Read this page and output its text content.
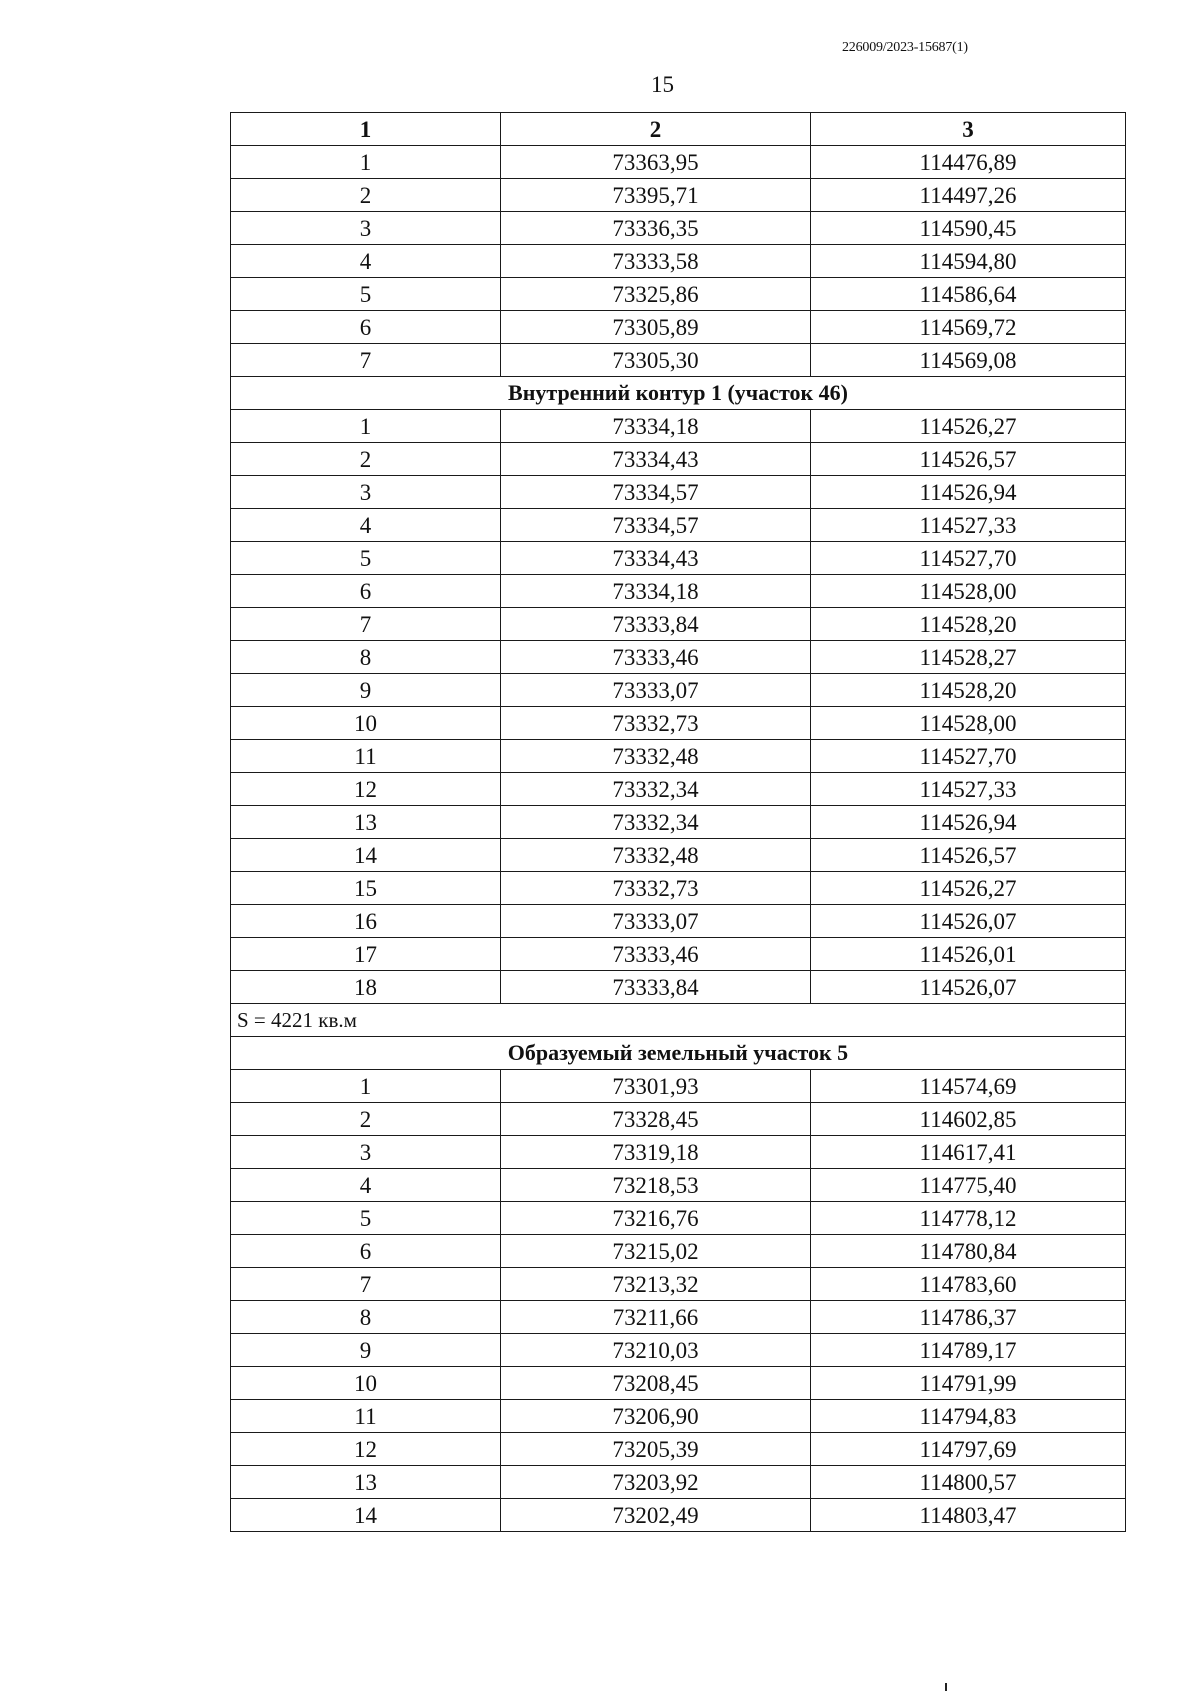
226009/2023-15687(1)
15
1	2	3
1	73363,95	114476,89
2	73395,71	114497,26
3	73336,35	114590,45
4	73333,58	114594,80
5	73325,86	114586,64
6	73305,89	114569,72
7	73305,30	114569,08
Внутренний контур 1 (участок 46)		
1	73334,18	114526,27
2	73334,43	114526,57
3	73334,57	114526,94
4	73334,57	114527,33
5	73334,43	114527,70
6	73334,18	114528,00
7	73333,84	114528,20
8	73333,46	114528,27
9	73333,07	114528,20
10	73332,73	114528,00
11	73332,48	114527,70
12	73332,34	114527,33
13	73332,34	114526,94
14	73332,48	114526,57
15	73332,73	114526,27
16	73333,07	114526,07
17	73333,46	114526,01
18	73333,84	114526,07
S = 4221 кв.м		
Образуемый земельный участок 5		
1	73301,93	114574,69
2	73328,45	114602,85
3	73319,18	114617,41
4	73218,53	114775,40
5	73216,76	114778,12
6	73215,02	114780,84
7	73213,32	114783,60
8	73211,66	114786,37
9	73210,03	114789,17
10	73208,45	114791,99
11	73206,90	114794,83
12	73205,39	114797,69
13	73203,92	114800,57
14	73202,49	114803,47
